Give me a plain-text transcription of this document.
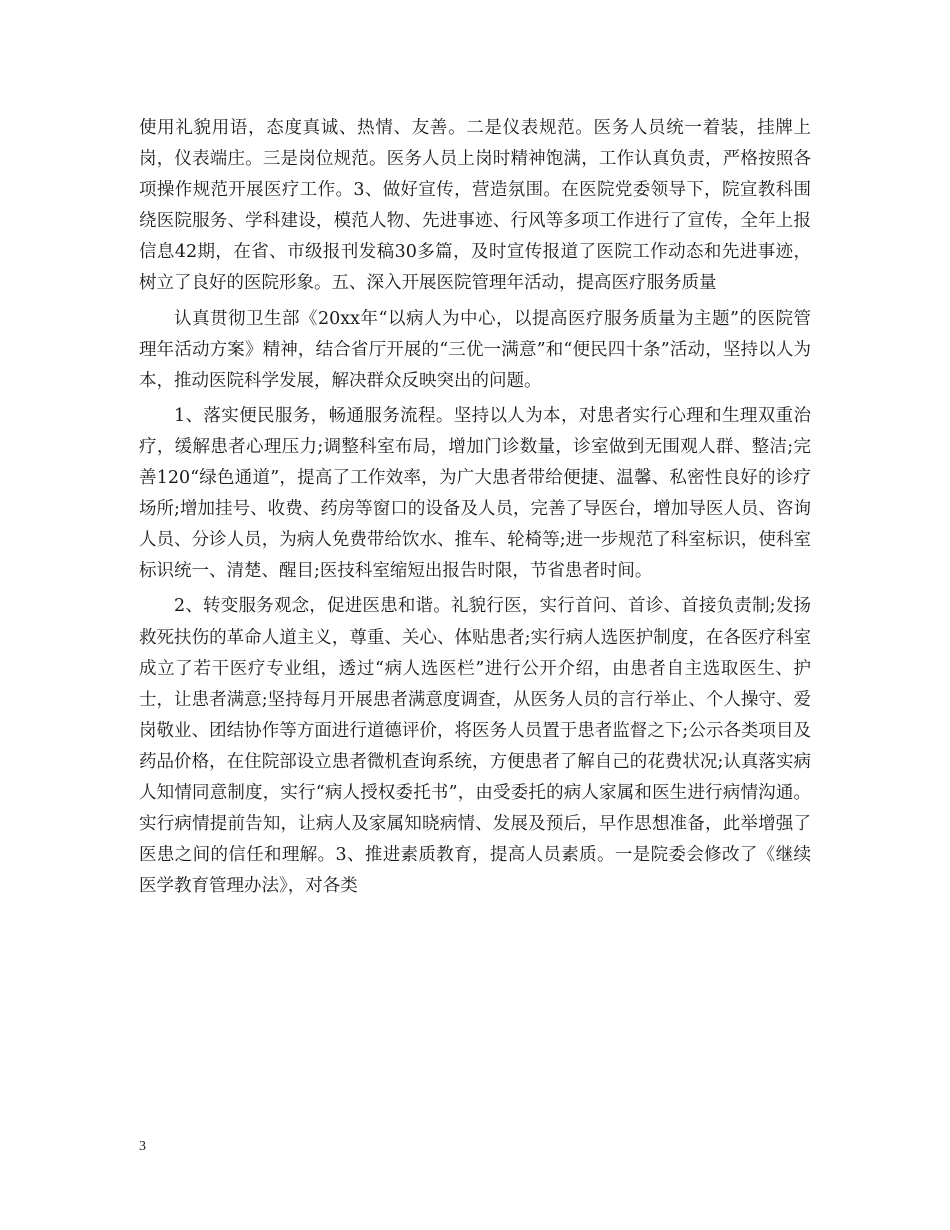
使用礼貌用语，态度真诚、热情、友善。二是仪表规范。医务人员统一着装，挂牌上岗，仪表端庄。三是岗位规范。医务人员上岗时精神饱满，工作认真负责，严格按照各项操作规范开展医疗工作。3、做好宣传，营造氛围。在医院党委领导下，院宣教科围绕医院服务、学科建设，模范人物、先进事迹、行风等多项工作进行了宣传，全年上报信息42期，在省、市级报刊发稿30多篇，及时宣传报道了医院工作动态和先进事迹，树立了良好的医院形象。五、深入开展医院管理年活动，提高医疗服务质量

认真贯彻卫生部《20xx年“以病人为中心，以提高医疗服务质量为主题”的医院管理年活动方案》精神，结合省厅开展的“三优一满意”和“便民四十条”活动，坚持以人为本，推动医院科学发展，解决群众反映突出的问题。

1、落实便民服务，畅通服务流程。坚持以人为本，对患者实行心理和生理双重治疗，缓解患者心理压力;调整科室布局，增加门诊数量，诊室做到无围观人群、整洁;完善120“绿色通道”，提高了工作效率，为广大患者带给便捷、温馨、私密性良好的诊疗场所;增加挂号、收费、药房等窗口的设备及人员，完善了导医台，增加导医人员、咨询人员、分诊人员，为病人免费带给饮水、推车、轮椅等;进一步规范了科室标识，使科室标识统一、清楚、醒目;医技科室缩短出报告时限，节省患者时间。

2、转变服务观念，促进医患和谐。礼貌行医，实行首问、首诊、首接负责制;发扬救死扶伤的革命人道主义，尊重、关心、体贴患者;实行病人选医护制度，在各医疗科室成立了若干医疗专业组，透过“病人选医栏”进行公开介绍，由患者自主选取医生、护士，让患者满意;坚持每月开展患者满意度调查，从医务人员的言行举止、个人操守、爱岗敬业、团结协作等方面进行道德评价，将医务人员置于患者监督之下;公示各类项目及药品价格，在住院部设立患者微机查询系统，方便患者了解自己的花费状况;认真落实病人知情同意制度，实行“病人授权委托书”，由受委托的病人家属和医生进行病情沟通。实行病情提前告知，让病人及家属知晓病情、发展及预后，早作思想准备，此举增强了医患之间的信任和理解。3、推进素质教育，提高人员素质。一是院委会修改了《继续医学教育管理办法》，对各类

3
